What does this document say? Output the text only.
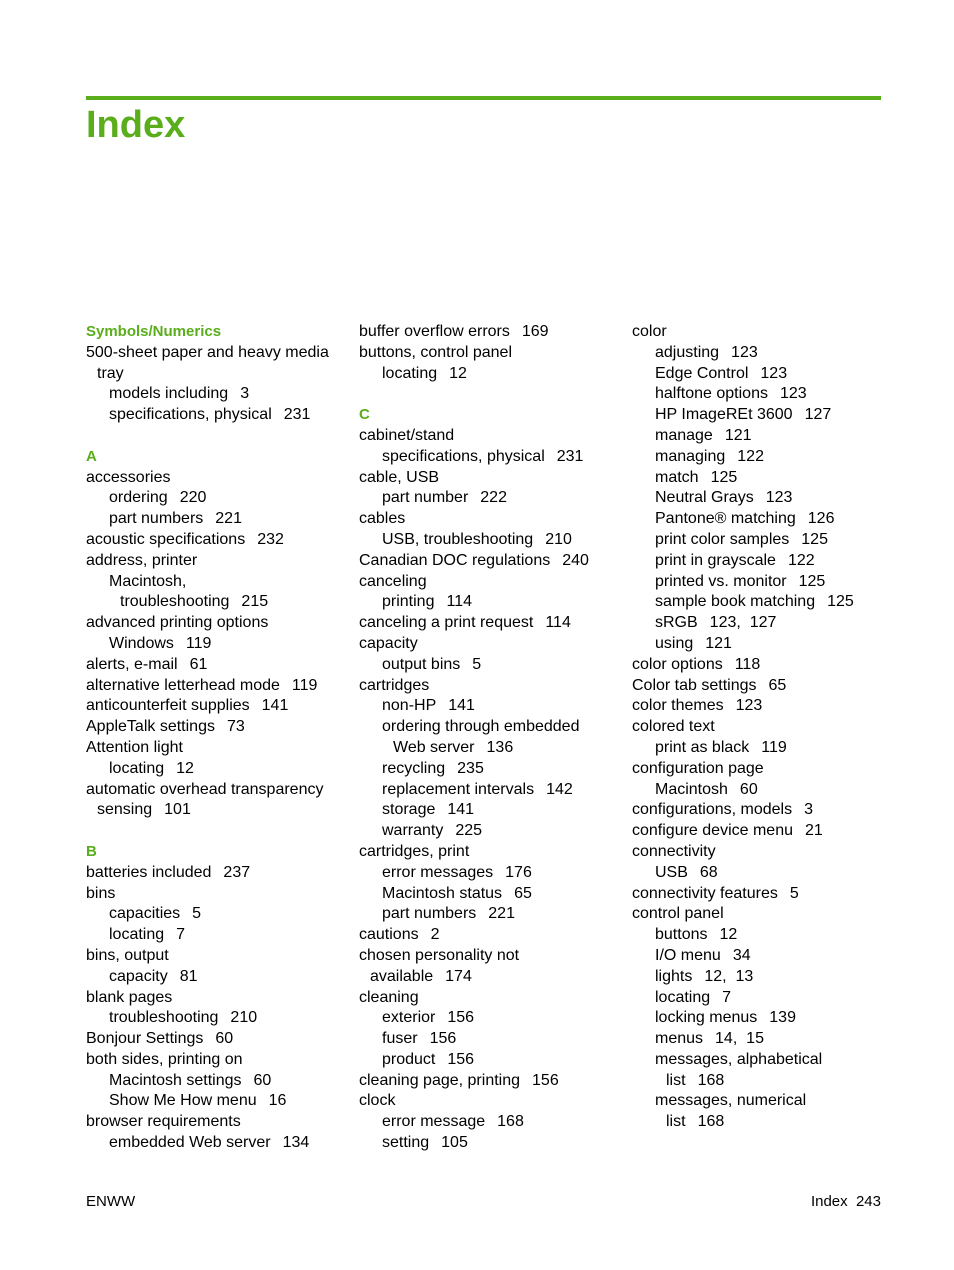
Index
Symbols/Numerics
500-sheet paper and heavy media
tray
models including 3
specifications, physical 231
A
accessories
ordering 220
part numbers 221
acoustic specifications 232
address, printer
Macintosh,
troubleshooting 215
advanced printing options
Windows 119
alerts, e-mail 61
alternative letterhead mode 119
anticounterfeit supplies 141
AppleTalk settings 73
Attention light
locating 12
automatic overhead transparency
sensing 101
B
batteries included 237
bins
capacities 5
locating 7
bins, output
capacity 81
blank pages
troubleshooting 210
Bonjour Settings 60
both sides, printing on
Macintosh settings 60
Show Me How menu 16
browser requirements
embedded Web server 134
buffer overflow errors 169
buttons, control panel
locating 12
C
cabinet/stand
specifications, physical 231
cable, USB
part number 222
cables
USB, troubleshooting 210
Canadian DOC regulations 240
canceling
printing 114
canceling a print request 114
capacity
output bins 5
cartridges
non-HP 141
ordering through embedded
Web server 136
recycling 235
replacement intervals 142
storage 141
warranty 225
cartridges, print
error messages 176
Macintosh status 65
part numbers 221
cautions 2
chosen personality not
available 174
cleaning
exterior 156
fuser 156
product 156
cleaning page, printing 156
clock
error message 168
setting 105
color
adjusting 123
Edge Control 123
halftone options 123
HP ImageREt 3600 127
manage 121
managing 122
match 125
Neutral Grays 123
Pantone® matching 126
print color samples 125
print in grayscale 122
printed vs. monitor 125
sample book matching 125
sRGB 123,  127
using 121
color options 118
Color tab settings 65
color themes 123
colored text
print as black 119
configuration page
Macintosh 60
configurations, models 3
configure device menu 21
connectivity
USB 68
connectivity features 5
control panel
buttons 12
I/O menu 34
lights 12,  13
locating 7
locking menus 139
menus 14,  15
messages, alphabetical
list 168
messages, numerical
list 168
ENWW	Index  243
